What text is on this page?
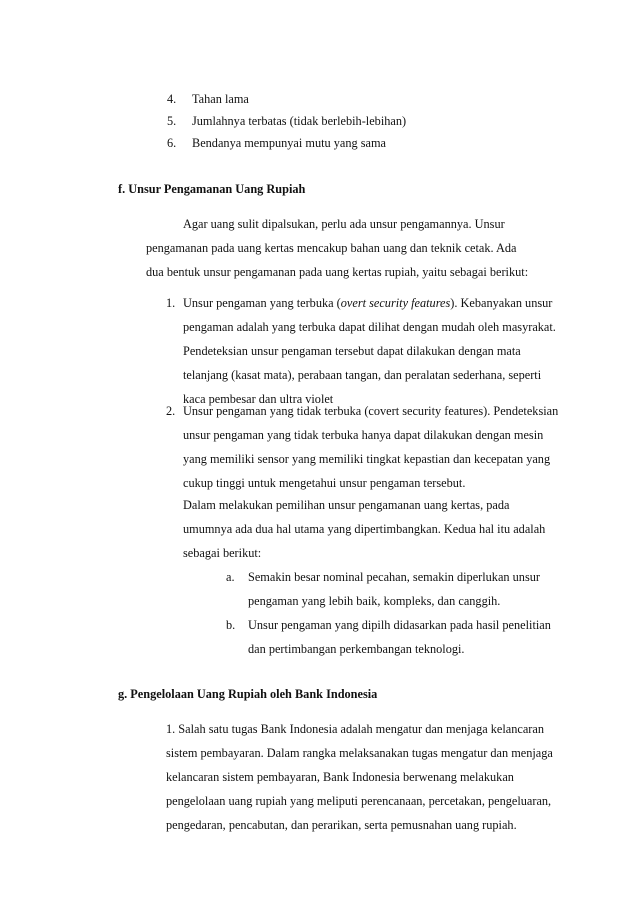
4. Tahan lama
5. Jumlahnya terbatas (tidak berlebih-lebihan)
6. Bendanya mempunyai mutu yang sama
f. Unsur Pengamanan Uang Rupiah
Agar uang sulit dipalsukan, perlu ada unsur pengamannya. Unsur
pengamanan pada uang kertas mencakup bahan uang dan teknik cetak. Ada
dua bentuk unsur pengamanan pada uang kertas rupiah, yaitu sebagai berikut:
1. Unsur pengaman yang terbuka (overt security features). Kebanyakan unsur
pengaman adalah yang terbuka dapat dilihat dengan mudah oleh masyrakat.
Pendeteksian unsur pengaman tersebut dapat dilakukan dengan mata
telanjang (kasat mata), perabaan tangan, dan peralatan sederhana, seperti
kaca pembesar dan ultra violet
2. Unsur pengaman yang tidak terbuka (covert security features). Pendeteksian
unsur pengaman yang tidak terbuka hanya dapat dilakukan dengan mesin
yang memiliki sensor yang memiliki tingkat kepastian dan kecepatan yang
cukup tinggi untuk mengetahui unsur pengaman tersebut.
Dalam melakukan pemilihan unsur pengamanan uang kertas, pada
umumnya ada dua hal utama yang dipertimbangkan. Kedua hal itu adalah
sebagai berikut:
a. Semakin besar nominal pecahan, semakin diperlukan unsur
pengaman yang lebih baik, kompleks, dan canggih.
b. Unsur pengaman yang dipilh didasarkan pada hasil penelitian
dan pertimbangan perkembangan teknologi.
g. Pengelolaan Uang Rupiah oleh Bank Indonesia
1. Salah satu tugas Bank Indonesia adalah mengatur dan menjaga kelancaran
sistem pembayaran. Dalam rangka melaksanakan tugas mengatur dan menjaga
kelancaran sistem pembayaran, Bank Indonesia berwenang melakukan
pengelolaan uang rupiah yang meliputi perencanaan, percetakan, pengeluaran,
pengedaran, pencabutan, dan perarikan, serta pemusnahan uang rupiah.
